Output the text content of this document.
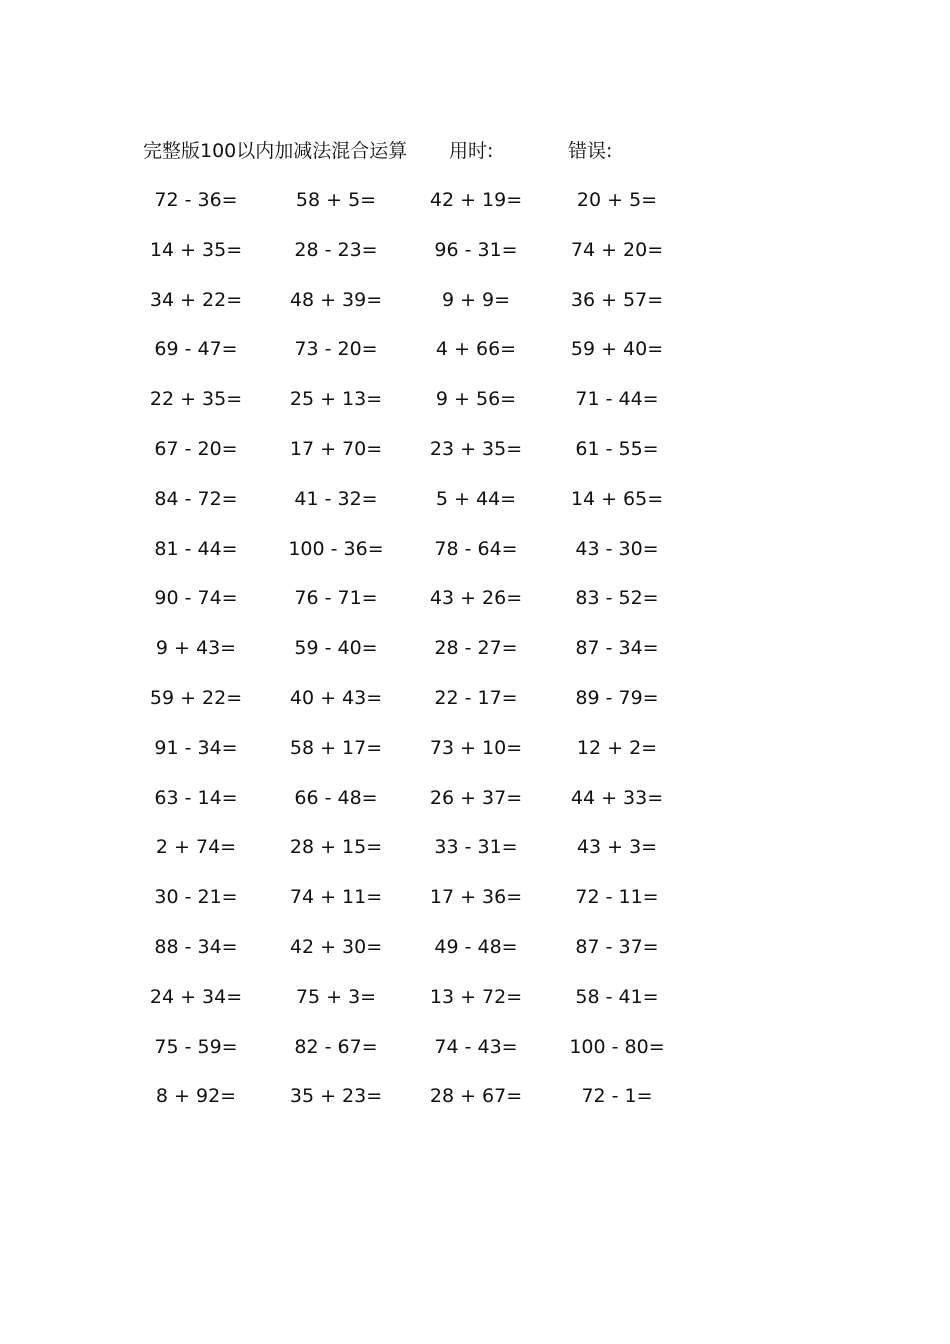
完整版100以内加减法混合运算 用时:	错误:
72 - 36=	58 + 5=	42 + 19=	20 + 5=
14 + 35=	28 - 23=	96 - 31=	74 + 20=
34 + 22=	48 + 39=	9 + 9=	36 + 57=
69 - 47=	73 - 20=	4 + 66=	59 + 40=
22 + 35=	25 + 13=	9 + 56=	71 - 44=
67 - 20=	17 + 70=	23 + 35=	61 - 55=
84 - 72=	41 - 32=	5 + 44=	14 + 65=
81 - 44=	100 - 36=	78 - 64=	43 - 30=
90 - 74=	76 - 71=	43 + 26=	83 - 52=
9 + 43=	59 - 40=	28 - 27=	87 - 34=
59 + 22=	40 + 43=	22 - 17=	89 - 79=
91 - 34=	58 + 17=	73 + 10=	12 + 2=
63 - 14=	66 - 48=	26 + 37=	44 + 33=
2 + 74=	28 + 15=	33 - 31=	43 + 3=
30 - 21=	74 + 11=	17 + 36=	72 - 11=
88 - 34=	42 + 30=	49 - 48=	87 - 37=
24 + 34=	75 + 3=	13 + 72=	58 - 41=
75 - 59=	82 - 67=	74 - 43=	100 - 80=
8 + 92=	35 + 23=	28 + 67=	72 - 1=
